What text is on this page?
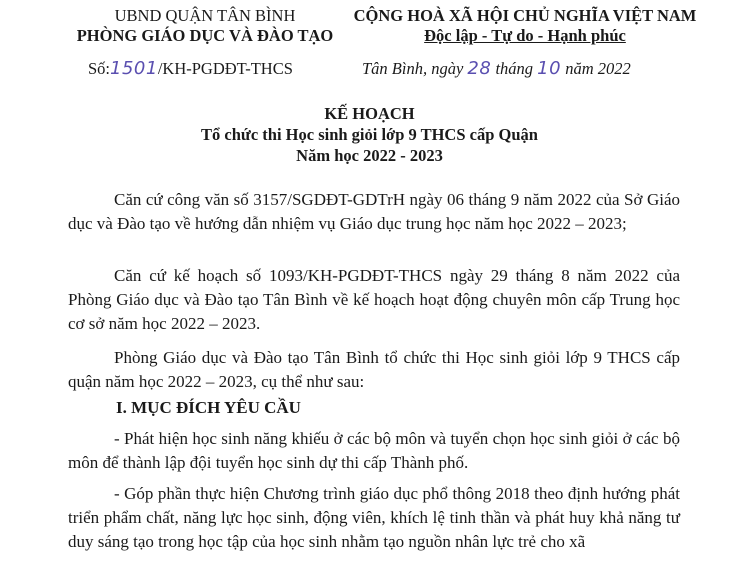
UBND QUẬN TÂN BÌNH
PHÒNG GIÁO DỤC VÀ ĐÀO TẠO
CỘNG HOÀ XÃ HỘI CHỦ NGHĨA VIỆT NAM
Độc lập - Tự do - Hạnh phúc
Số:1501/KH-PGDĐT-THCS	Tân Bình, ngày 28 tháng 10 năm 2022
KẾ HOẠCH
Tổ chức thi Học sinh giỏi lớp 9 THCS cấp Quận
Năm học 2022 - 2023
Căn cứ công văn số 3157/SGDĐT-GDTrH ngày 06 tháng 9 năm 2022 của Sở Giáo dục và Đào tạo về hướng dẫn nhiệm vụ Giáo dục trung học năm học 2022 – 2023;
Căn cứ kế hoạch số 1093/KH-PGDĐT-THCS ngày 29 tháng 8 năm 2022 của Phòng Giáo dục và Đào tạo Tân Bình về kế hoạch hoạt động chuyên môn cấp Trung học cơ sở năm học 2022 – 2023.
Phòng Giáo dục và Đào tạo Tân Bình tổ chức thi Học sinh giỏi lớp 9 THCS cấp quận năm học 2022 – 2023, cụ thể như sau:
I. MỤC ĐÍCH YÊU CẦU
- Phát hiện học sinh năng khiếu ở các bộ môn và tuyển chọn học sinh giỏi ở các bộ môn để thành lập đội tuyển học sinh dự thi cấp Thành phố.
- Góp phần thực hiện Chương trình giáo dục phổ thông 2018 theo định hướng phát triển phẩm chất, năng lực học sinh, động viên, khích lệ tinh thần và phát huy khả năng tư duy sáng tạo trong học tập của học sinh nhằm tạo nguồn nhân lực trẻ cho xã
